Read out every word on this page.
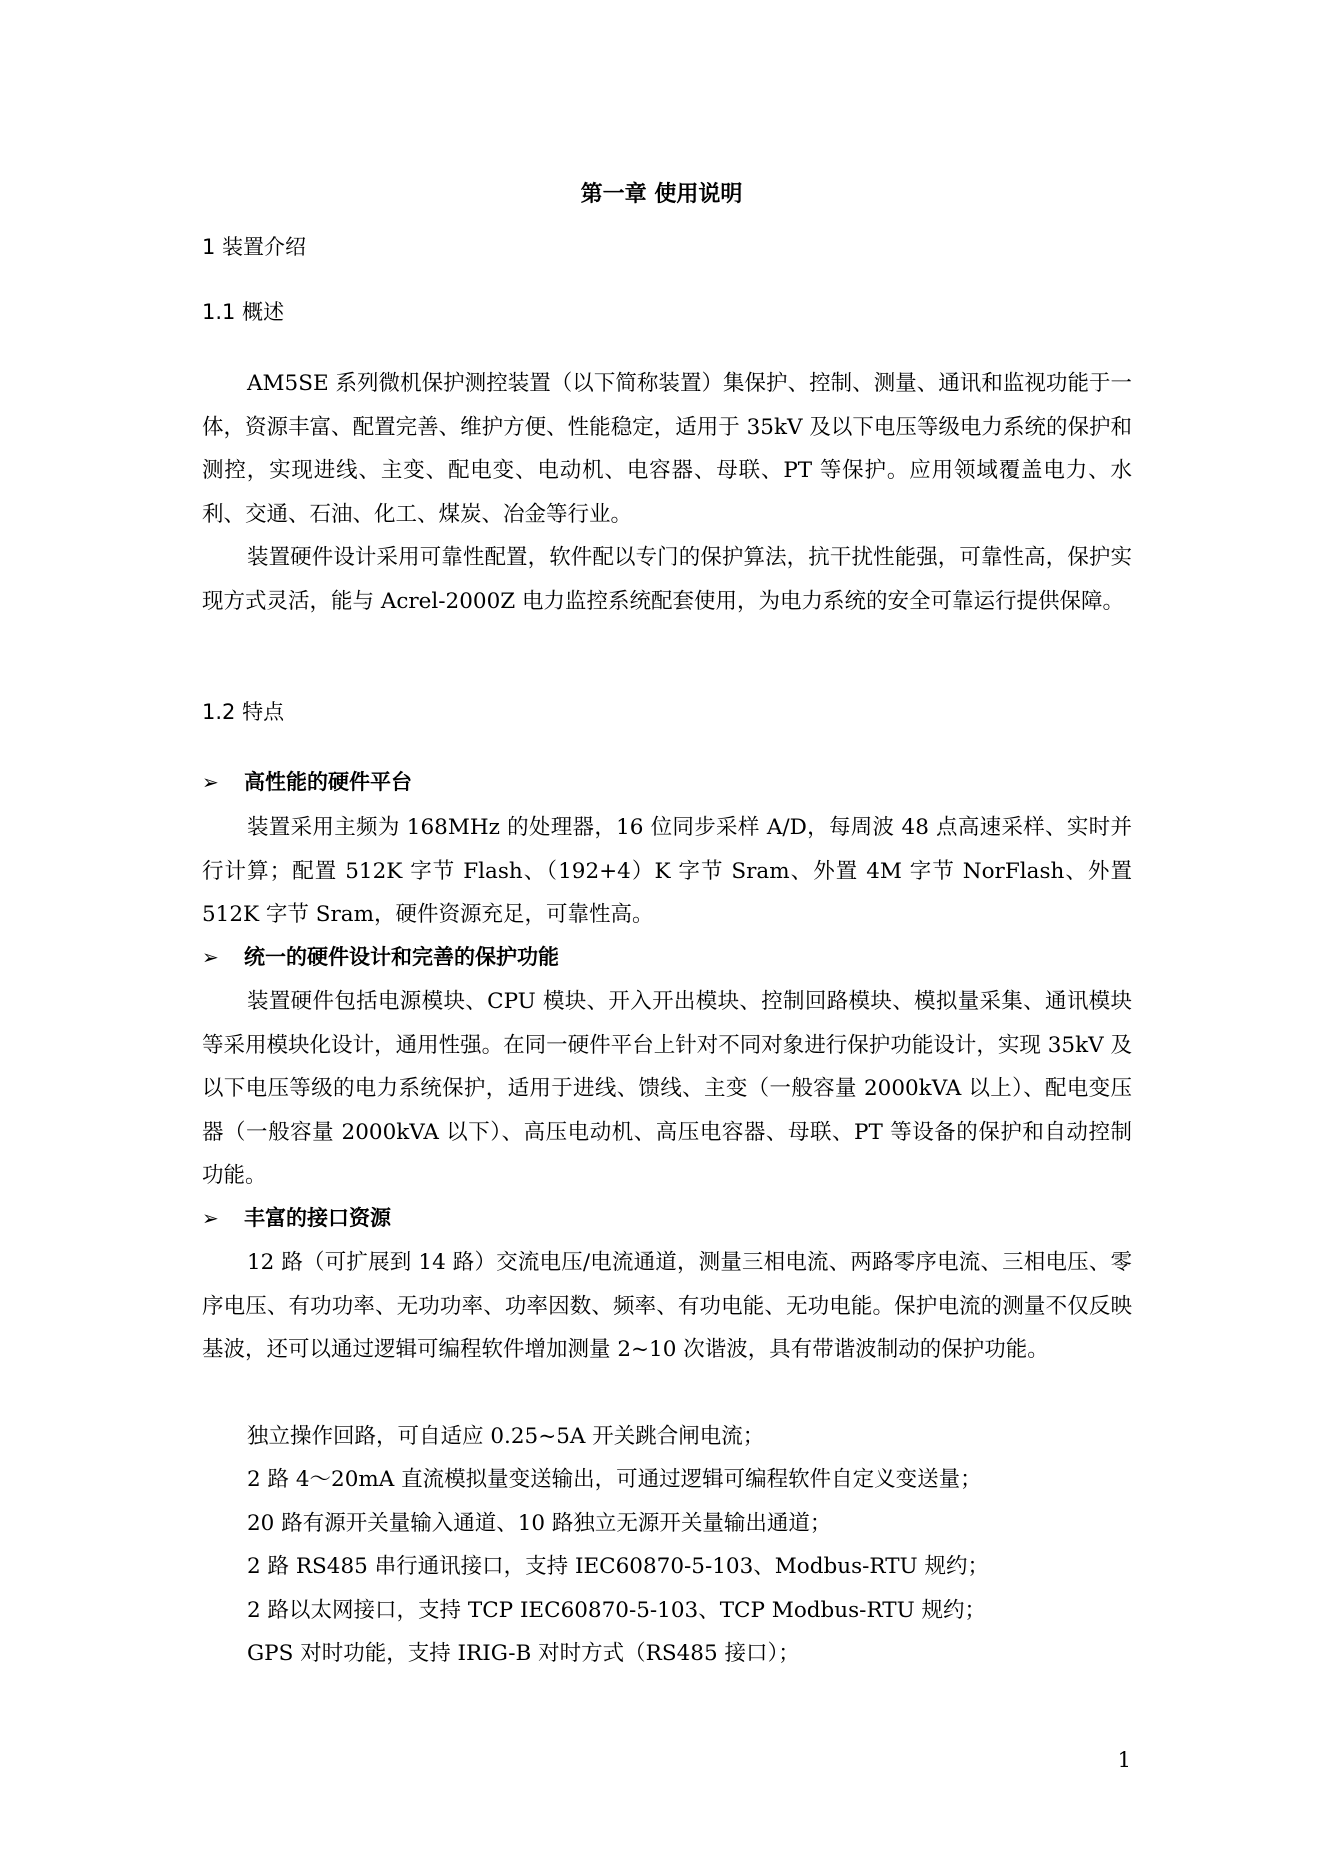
第一章 使用说明
1 装置介绍
1.1 概述

AM5SE 系列微机保护测控装置（以下简称装置）集保护、控制、测量、通讯和监视功能于一体，资源丰富、配置完善、维护方便、性能稳定，适用于 35kV 及以下电压等级电力系统的保护和测控，实现进线、主变、配电变、电动机、电容器、母联、PT 等保护。应用领域覆盖电力、水利、交通、石油、化工、煤炭、冶金等行业。

装置硬件设计采用可靠性配置，软件配以专门的保护算法，抗干扰性能强，可靠性高，保护实现方式灵活，能与 Acrel-2000Z 电力监控系统配套使用，为电力系统的安全可靠运行提供保障。

1.2 特点
➢ 高性能的硬件平台

装置采用主频为 168MHz 的处理器，16 位同步采样 A/D，每周波 48 点高速采样、实时并行计算；配置 512K 字节 Flash、（192+4）K 字节 Sram、外置 4M 字节 NorFlash、外置 512K 字节 Sram，硬件资源充足，可靠性高。

➢ 统一的硬件设计和完善的保护功能

装置硬件包括电源模块、CPU 模块、开入开出模块、控制回路模块、模拟量采集、通讯模块等采用模块化设计，通用性强。在同一硬件平台上针对不同对象进行保护功能设计，实现 35kV 及以下电压等级的电力系统保护，适用于进线、馈线、主变（一般容量 2000kVA 以上）、配电变压器（一般容量 2000kVA 以下）、高压电动机、高压电容器、母联、PT 等设备的保护和自动控制功能。

➢ 丰富的接口资源

12 路（可扩展到 14 路）交流电压/电流通道，测量三相电流、两路零序电流、三相电压、零序电压、有功功率、无功功率、功率因数、频率、有功电能、无功电能。保护电流的测量不仅反映基波，还可以通过逻辑可编程软件增加测量 2~10 次谐波，具有带谐波制动的保护功能。

独立操作回路，可自适应 0.25~5A 开关跳合闸电流；

2 路 4～20mA 直流模拟量变送输出，可通过逻辑可编程软件自定义变送量；

20 路有源开关量输入通道、10 路独立无源开关量输出通道；

2 路 RS485 串行通讯接口，支持 IEC60870-5-103、Modbus-RTU 规约；

2 路以太网接口，支持 TCP IEC60870-5-103、TCP Modbus-RTU 规约；

GPS 对时功能，支持 IRIG-B 对时方式（RS485 接口）；

1
